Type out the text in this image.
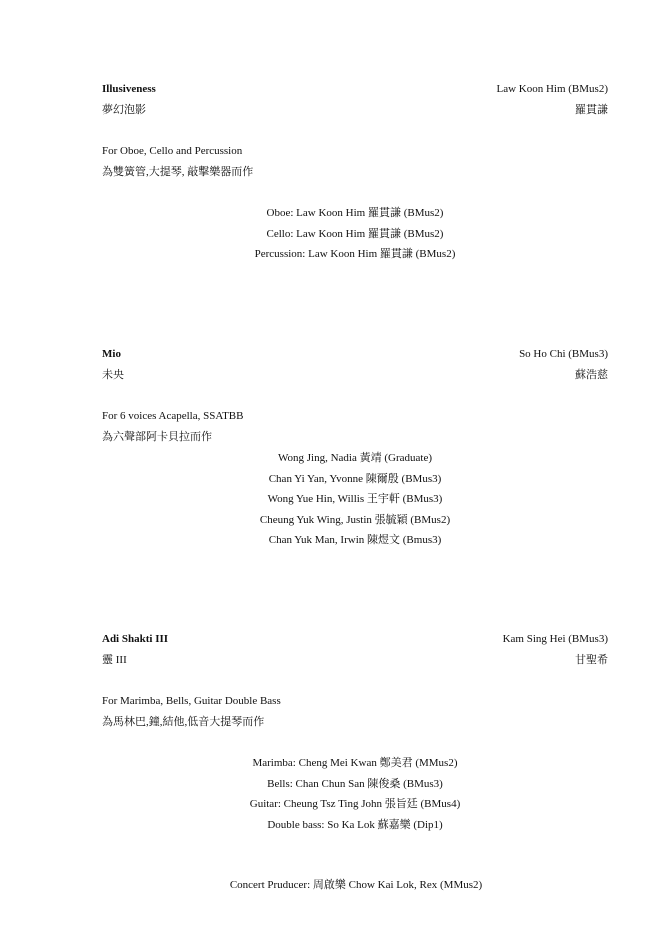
Illusiveness	Law Koon Him (BMus2)
夢幻泡影	羅貫謙
For Oboe, Cello and Percussion
為雙簧管,大提琴, 敲擊樂器而作
Oboe: Law Koon Him 羅貫謙 (BMus2)
Cello: Law Koon Him 羅貫謙 (BMus2)
Percussion: Law Koon Him 羅貫謙 (BMus2)
Mio	So Ho Chi (BMus3)
未央	蘇浩慈
For 6 voices Acapella, SSATBB
為六聲部阿卡貝拉而作
Wong Jing, Nadia 黃靖 (Graduate)
Chan Yi Yan, Yvonne 陳爾殷 (BMus3)
Wong Yue Hin, Willis 王宇軒 (BMus3)
Cheung Yuk Wing, Justin 張毓穎 (BMus2)
Chan Yuk Man, Irwin 陳煜文 (Bmus3)
Adi Shakti III	Kam Sing Hei (BMus3)
靈 III	甘聖希
For Marimba, Bells, Guitar Double Bass
為馬林巴,鐘,結他,低音大提琴而作
Marimba: Cheng Mei Kwan 鄭美君 (MMus2)
Bells: Chan Chun San 陳俊桑 (BMus3)
Guitar: Cheung Tsz Ting John 張旨廷 (BMus4)
Double bass: So Ka Lok 蘇嘉樂 (Dip1)
Concert Pruducer: 周啟樂 Chow Kai Lok, Rex (MMus2)
